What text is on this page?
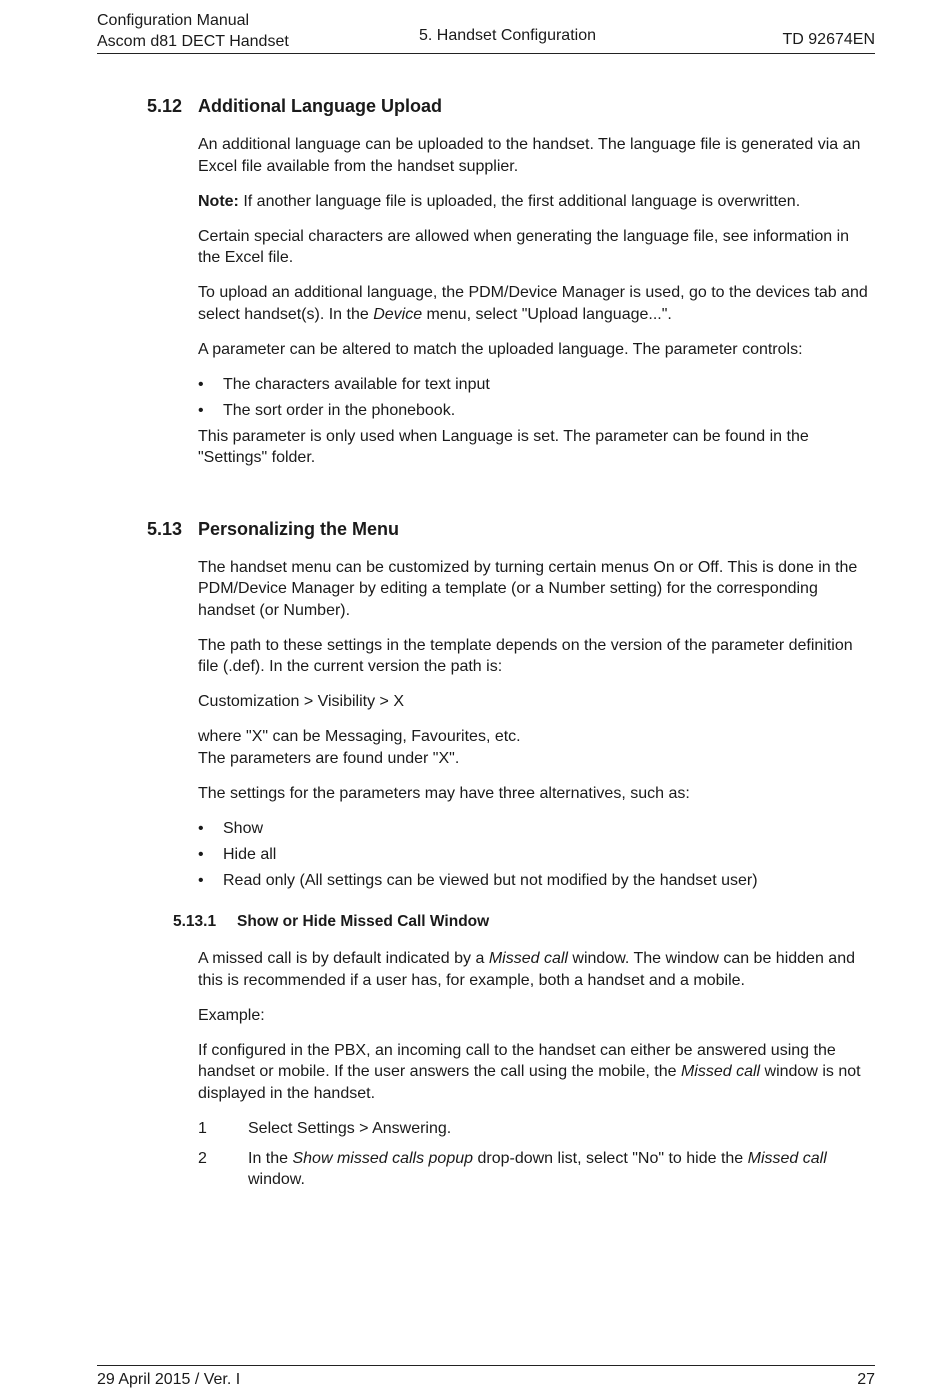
Configuration Manual
Ascom d81 DECT Handset	5. Handset Configuration	TD 92674EN
5.12 Additional Language Upload

An additional language can be uploaded to the handset. The language file is generated via an Excel file available from the handset supplier.

Note: If another language file is uploaded, the first additional language is overwritten.

Certain special characters are allowed when generating the language file, see information in the Excel file.

To upload an additional language, the PDM/Device Manager is used, go to the devices tab and select handset(s). In the Device menu, select "Upload language...".

A parameter can be altered to match the uploaded language. The parameter controls:

• The characters available for text input
• The sort order in the phonebook.

This parameter is only used when Language is set. The parameter can be found in the "Settings" folder.

5.13 Personalizing the Menu

The handset menu can be customized by turning certain menus On or Off. This is done in the PDM/Device Manager by editing a template (or a Number setting) for the corresponding handset (or Number).

The path to these settings in the template depends on the version of the parameter definition file (.def). In the current version the path is:

Customization > Visibility > X

where "X" can be Messaging, Favourites, etc.
The parameters are found under "X".

The settings for the parameters may have three alternatives, such as:

• Show
• Hide all
• Read only (All settings can be viewed but not modified by the handset user)
5.13.1	Show or Hide Missed Call Window

A missed call is by default indicated by a Missed call window. The window can be hidden and this is recommended if a user has, for example, both a handset and a mobile.

Example:

If configured in the PBX, an incoming call to the handset can either be answered using the handset or mobile. If the user answers the call using the mobile, the Missed call window is not displayed in the handset.

1	Select Settings > Answering.
2	In the Show missed calls popup drop-down list, select "No" to hide the Missed call window.
29 April 2015 / Ver. I	27
